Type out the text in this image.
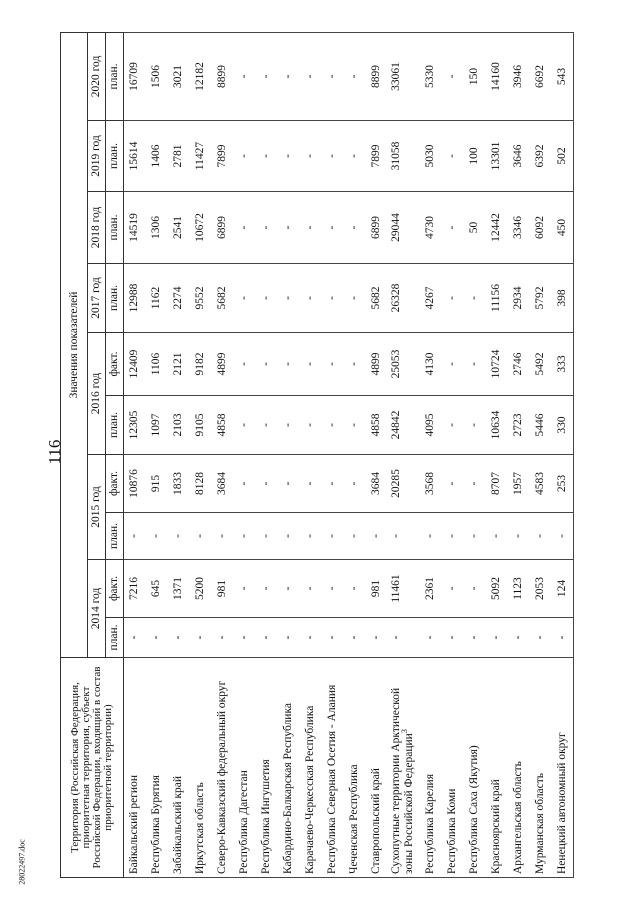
116
28022497.doc
Территория (Российская Федерация, приоритетная территория, субъект Российской Федерации, входящий в состав приоритетной территории)	Значения показателей									
	2014 год		2015 год		2016 год		2017 год	2018 год	2019 год	2020 год
	план.	факт.	план.	факт.	план.	факт.	план.	план.	план.	план.
Байкальский регион	-	7216	-	10876	12305	12409	12988	14519	15614	16709
Республика Бурятия	-	645	-	915	1097	1106	1162	1306	1406	1506
Забайкальский край	-	1371	-	1833	2103	2121	2274	2541	2781	3021
Иркутская область	-	5200	-	8128	9105	9182	9552	10672	11427	12182
Северо-Кавказский федеральный округ	-	981	-	3684	4858	4899	5682	6899	7899	8899
Республика Дагестан	-	-	-	-	-	-	-	-	-	-
Республика Ингушетия	-	-	-	-	-	-	-	-	-	-
Кабардино-Балкарская Республика	-	-	-	-	-	-	-	-	-	-
Карачаево-Черкесская Республика	-	-	-	-	-	-	-	-	-	-
Республика Северная Осетия - Алания	-	-	-	-	-	-	-	-	-	-
Чеченская Республика	-	-	-	-	-	-	-	-	-	-
Ставропольский край	-	981	-	3684	4858	4899	5682	6899	7899	8899
Сухопутные территории Арктической зоны Российской Федерации$^3$	-	11461	-	20285	24842	25053	26328	29044	31058	33061
Республика Карелия	-	2361	-	3568	4095	4130	4267	4730	5030	5330
Республика Коми	-	-	-	-	-	-	-	-	-	-
Республика Саха (Якутия)	-	-	-	-	-	-	-	50	100	150
Красноярский край	-	5092	-	8707	10634	10724	11156	12442	13301	14160
Архангельская область	-	1123	-	1957	2723	2746	2934	3346	3646	3946
Мурманская область	-	2053	-	4583	5446	5492	5792	6092	6392	6692
Ненецкий автономный округ	-	124	-	253	330	333	398	450	502	543
